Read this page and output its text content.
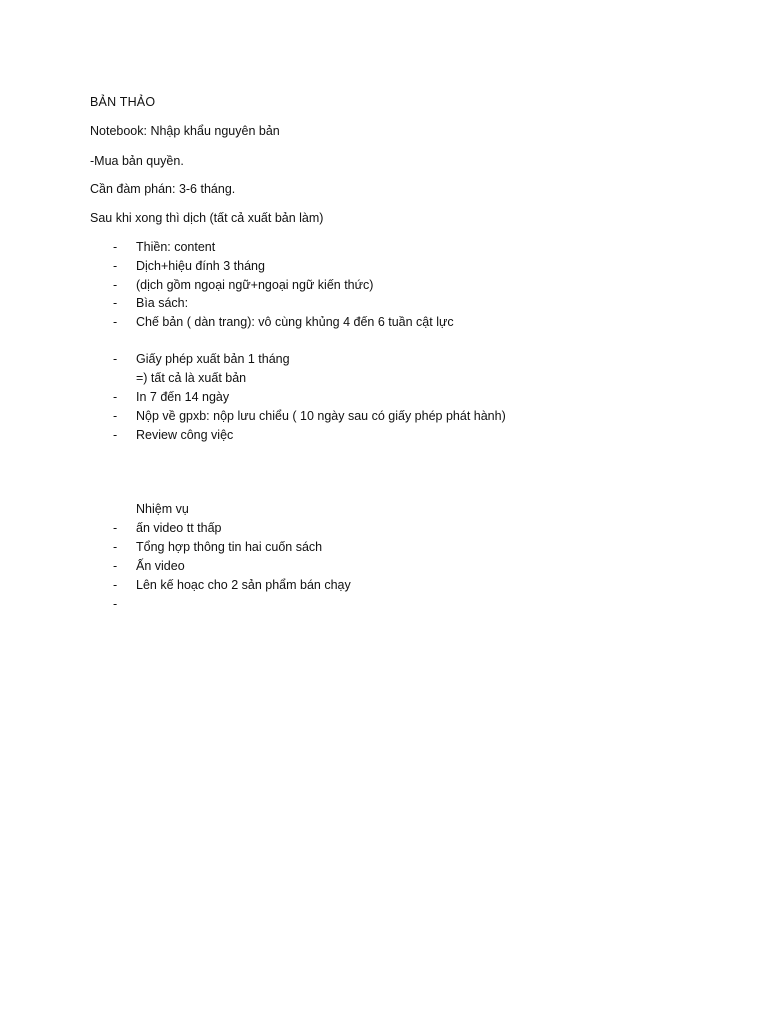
BẢN THẢO
Notebook: Nhập khẩu nguyên bản
-Mua bản quyền.
Cần đàm phán: 3-6 tháng.
Sau khi xong thì dịch (tất cả xuất bản làm)
-	Thiền: content
-	Dịch+hiệu đính 3 tháng
-	(dịch gồm ngoại ngữ+ngoại ngữ kiến thức)
-	Bìa sách:
-	Chế bản ( dàn trang): vô cùng khủng 4 đến 6 tuần cật lực
-	Giấy phép xuất bản 1 tháng
=) tất cả là xuất bản
-	In 7 đến 14 ngày
-	Nộp về gpxb: nộp lưu chiểu ( 10 ngày sau có giấy phép phát hành)
-	Review công việc
Nhiệm vụ
-	ấn video tt thấp
-	Tổng hợp thông tin hai cuốn sách
-	Ấn video
-	Lên kế hoạc cho 2 sản phẩm bán chạy
-
